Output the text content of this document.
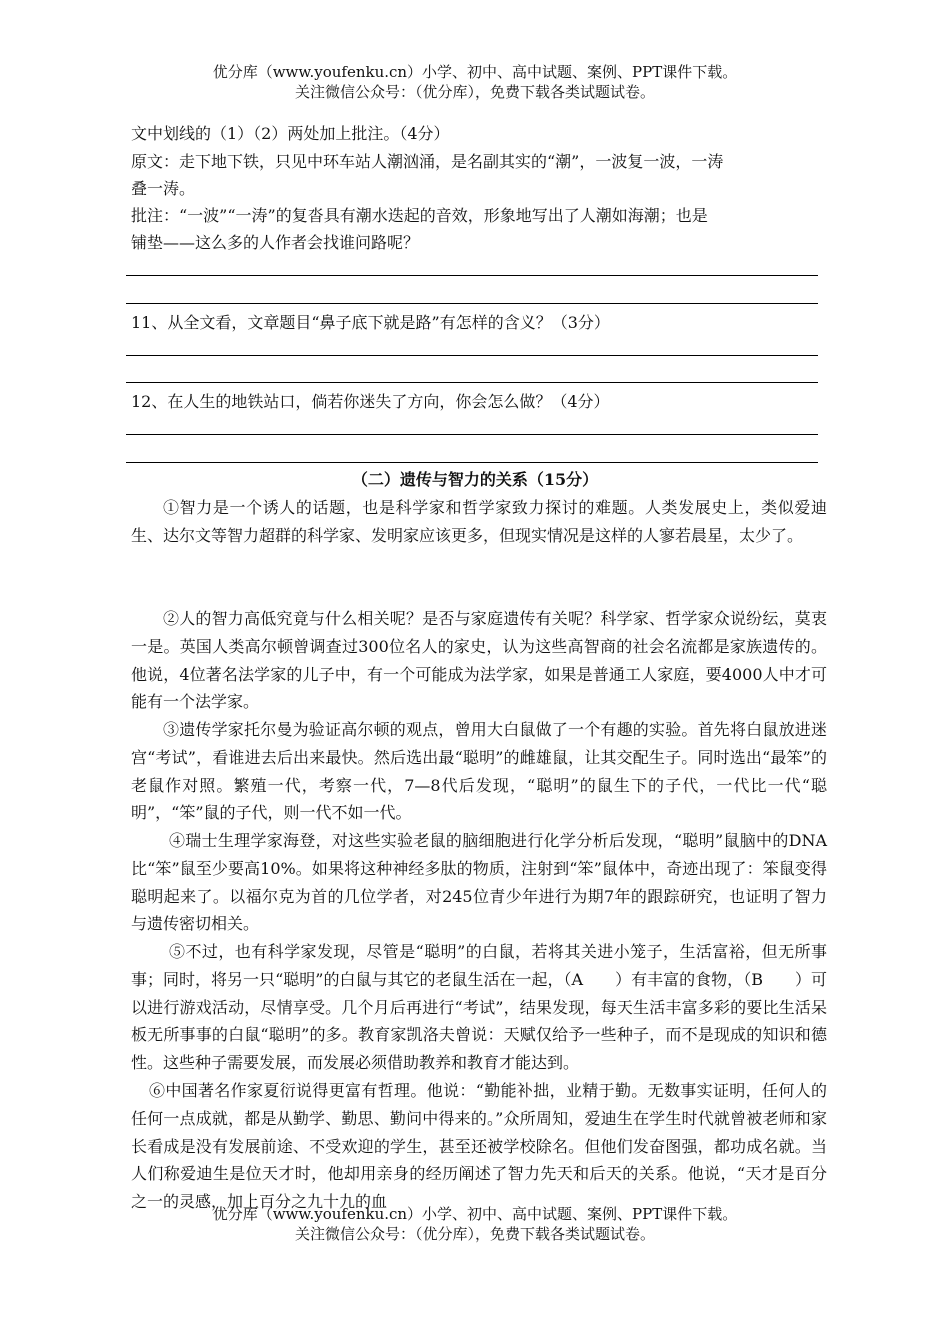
优分库（www.youfenku.cn）小学、初中、高中试题、案例、PPT课件下载。
关注微信公众号：（优分库），免费下载各类试题试卷。
文中划线的（1）（2）两处加上批注。（4分）
原文：走下地下铁，只见中环车站人潮汹涌，是名副其实的“潮”，一波复一波，一涛
叠一涛。
批注：“一波”“一涛”的复沓具有潮水迭起的音效，形象地写出了人潮如海潮；也是
铺垫——这么多的人作者会找谁问路呢？
11、从全文看，文章题目“鼻子底下就是路”有怎样的含义？（3分）
12、在人生的地铁站口，倘若你迷失了方向，你会怎么做？（4分）
（二）遗传与智力的关系（15分）
①智力是一个诱人的话题，也是科学家和哲学家致力探讨的难题。人类发展史上，类似爱迪生、达尔文等智力超群的科学家、发明家应该更多，但现实情况是这样的人寥若晨星，太少了。
②人的智力高低究竟与什么相关呢？是否与家庭遗传有关呢？科学家、哲学家众说纷纭，莫衷一是。英国人类高尔顿曾调查过300位名人的家史，认为这些高智商的社会名流都是家族遗传的。他说，4位著名法学家的儿子中，有一个可能成为法学家，如果是普通工人家庭，要4000人中才可能有一个法学家。
③遗传学家托尔曼为验证高尔顿的观点，曾用大白鼠做了一个有趣的实验。首先将白鼠放进迷宫“考试”，看谁进去后出来最快。然后选出最“聪明”的雌雄鼠，让其交配生子。同时选出“最笨”的老鼠作对照。繁殖一代，考察一代，7—8代后发现，“聪明”的鼠生下的子代，一代比一代“聪明”，“笨”鼠的子代，则一代不如一代。
④瑞士生理学家海登，对这些实验老鼠的脑细胞进行化学分析后发现，“聪明”鼠脑中的DNA比“笨”鼠至少要高10%。如果将这种神经多肽的物质，注射到“笨”鼠体中，奇迹出现了：笨鼠变得聪明起来了。以福尔克为首的几位学者，对245位青少年进行为期7年的跟踪研究，也证明了智力与遗传密切相关。
⑤不过，也有科学家发现，尽管是“聪明”的白鼠，若将其关进小笼子，生活富裕，但无所事事；同时，将另一只“聪明”的白鼠与其它的老鼠生活在一起，（A　　）有丰富的食物，（B　　）可以进行游戏活动，尽情享受。几个月后再进行“考试”，结果发现，每天生活丰富多彩的要比生活呆板无所事事的白鼠“聪明”的多。教育家凯洛夫曾说：天赋仅给予一些种子，而不是现成的知识和德性。这些种子需要发展，而发展必须借助教养和教育才能达到。
⑥中国著名作家夏衍说得更富有哲理。他说：“勤能补拙，业精于勤。无数事实证明，任何人的任何一点成就，都是从勤学、勤思、勤问中得来的。”众所周知，爱迪生在学生时代就曾被老师和家长看成是没有发展前途、不受欢迎的学生，甚至还被学校除名。但他们发奋图强，都功成名就。当人们称爱迪生是位天才时，他却用亲身的经历阐述了智力先天和后天的关系。他说，“天才是百分之一的灵感，加上百分之九十九的血
优分库（www.youfenku.cn）小学、初中、高中试题、案例、PPT课件下载。
关注微信公众号：（优分库），免费下载各类试题试卷。
